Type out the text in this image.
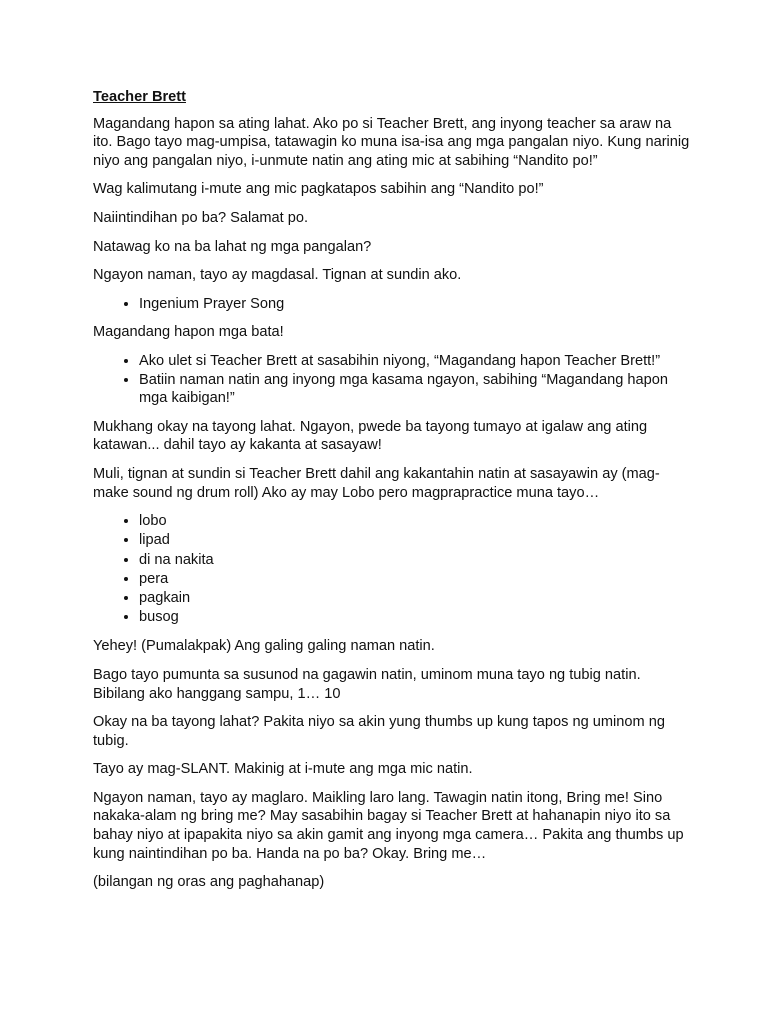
Teacher Brett

Magandang hapon sa ating lahat. Ako po si Teacher Brett, ang inyong teacher sa araw na ito. Bago tayo mag-umpisa, tatawagin ko muna isa-isa ang mga pangalan niyo. Kung narinig niyo ang pangalan niyo, i-unmute natin ang ating mic at sabihing “Nandito po!”

Wag kalimutang i-mute ang mic pagkatapos sabihin ang “Nandito po!”

Naiintindihan po ba? Salamat po.

Natawag ko na ba lahat ng mga pangalan?

Ngayon naman, tayo ay magdasal. Tignan at sundin ako.

• Ingenium Prayer Song

Magandang hapon mga bata!

• Ako ulet si Teacher Brett at sasabihin niyong, “Magandang hapon Teacher Brett!”
• Batiin naman natin ang inyong mga kasama ngayon, sabihing “Magandang hapon mga kaibigan!”

Mukhang okay na tayong lahat. Ngayon, pwede ba tayong tumayo at igalaw ang ating katawan... dahil tayo ay kakanta at sasayaw!

Muli, tignan at sundin si Teacher Brett dahil ang kakantahin natin at sasayawin ay (mag-make sound ng drum roll) Ako ay may Lobo pero magprapractice muna tayo…

• lobo
• lipad
• di na nakita
• pera
• pagkain
• busog

Yehey! (Pumalakpak) Ang galing galing naman natin.

Bago tayo pumunta sa susunod na gagawin natin, uminom muna tayo ng tubig natin. Bibilang ako hanggang sampu, 1… 10

Okay na ba tayong lahat? Pakita niyo sa akin yung thumbs up kung tapos ng uminom ng tubig.

Tayo ay mag-SLANT. Makinig at i-mute ang mga mic natin.

Ngayon naman, tayo ay maglaro. Maikling laro lang. Tawagin natin itong, Bring me! Sino nakaka-alam ng bring me? May sasabihin bagay si Teacher Brett at hahanapin niyo ito sa bahay niyo at ipapakita niyo sa akin gamit ang inyong mga camera… Pakita ang thumbs up kung naintindihan po ba. Handa na po ba? Okay. Bring me…

(bilangan ng oras ang paghahanap)
